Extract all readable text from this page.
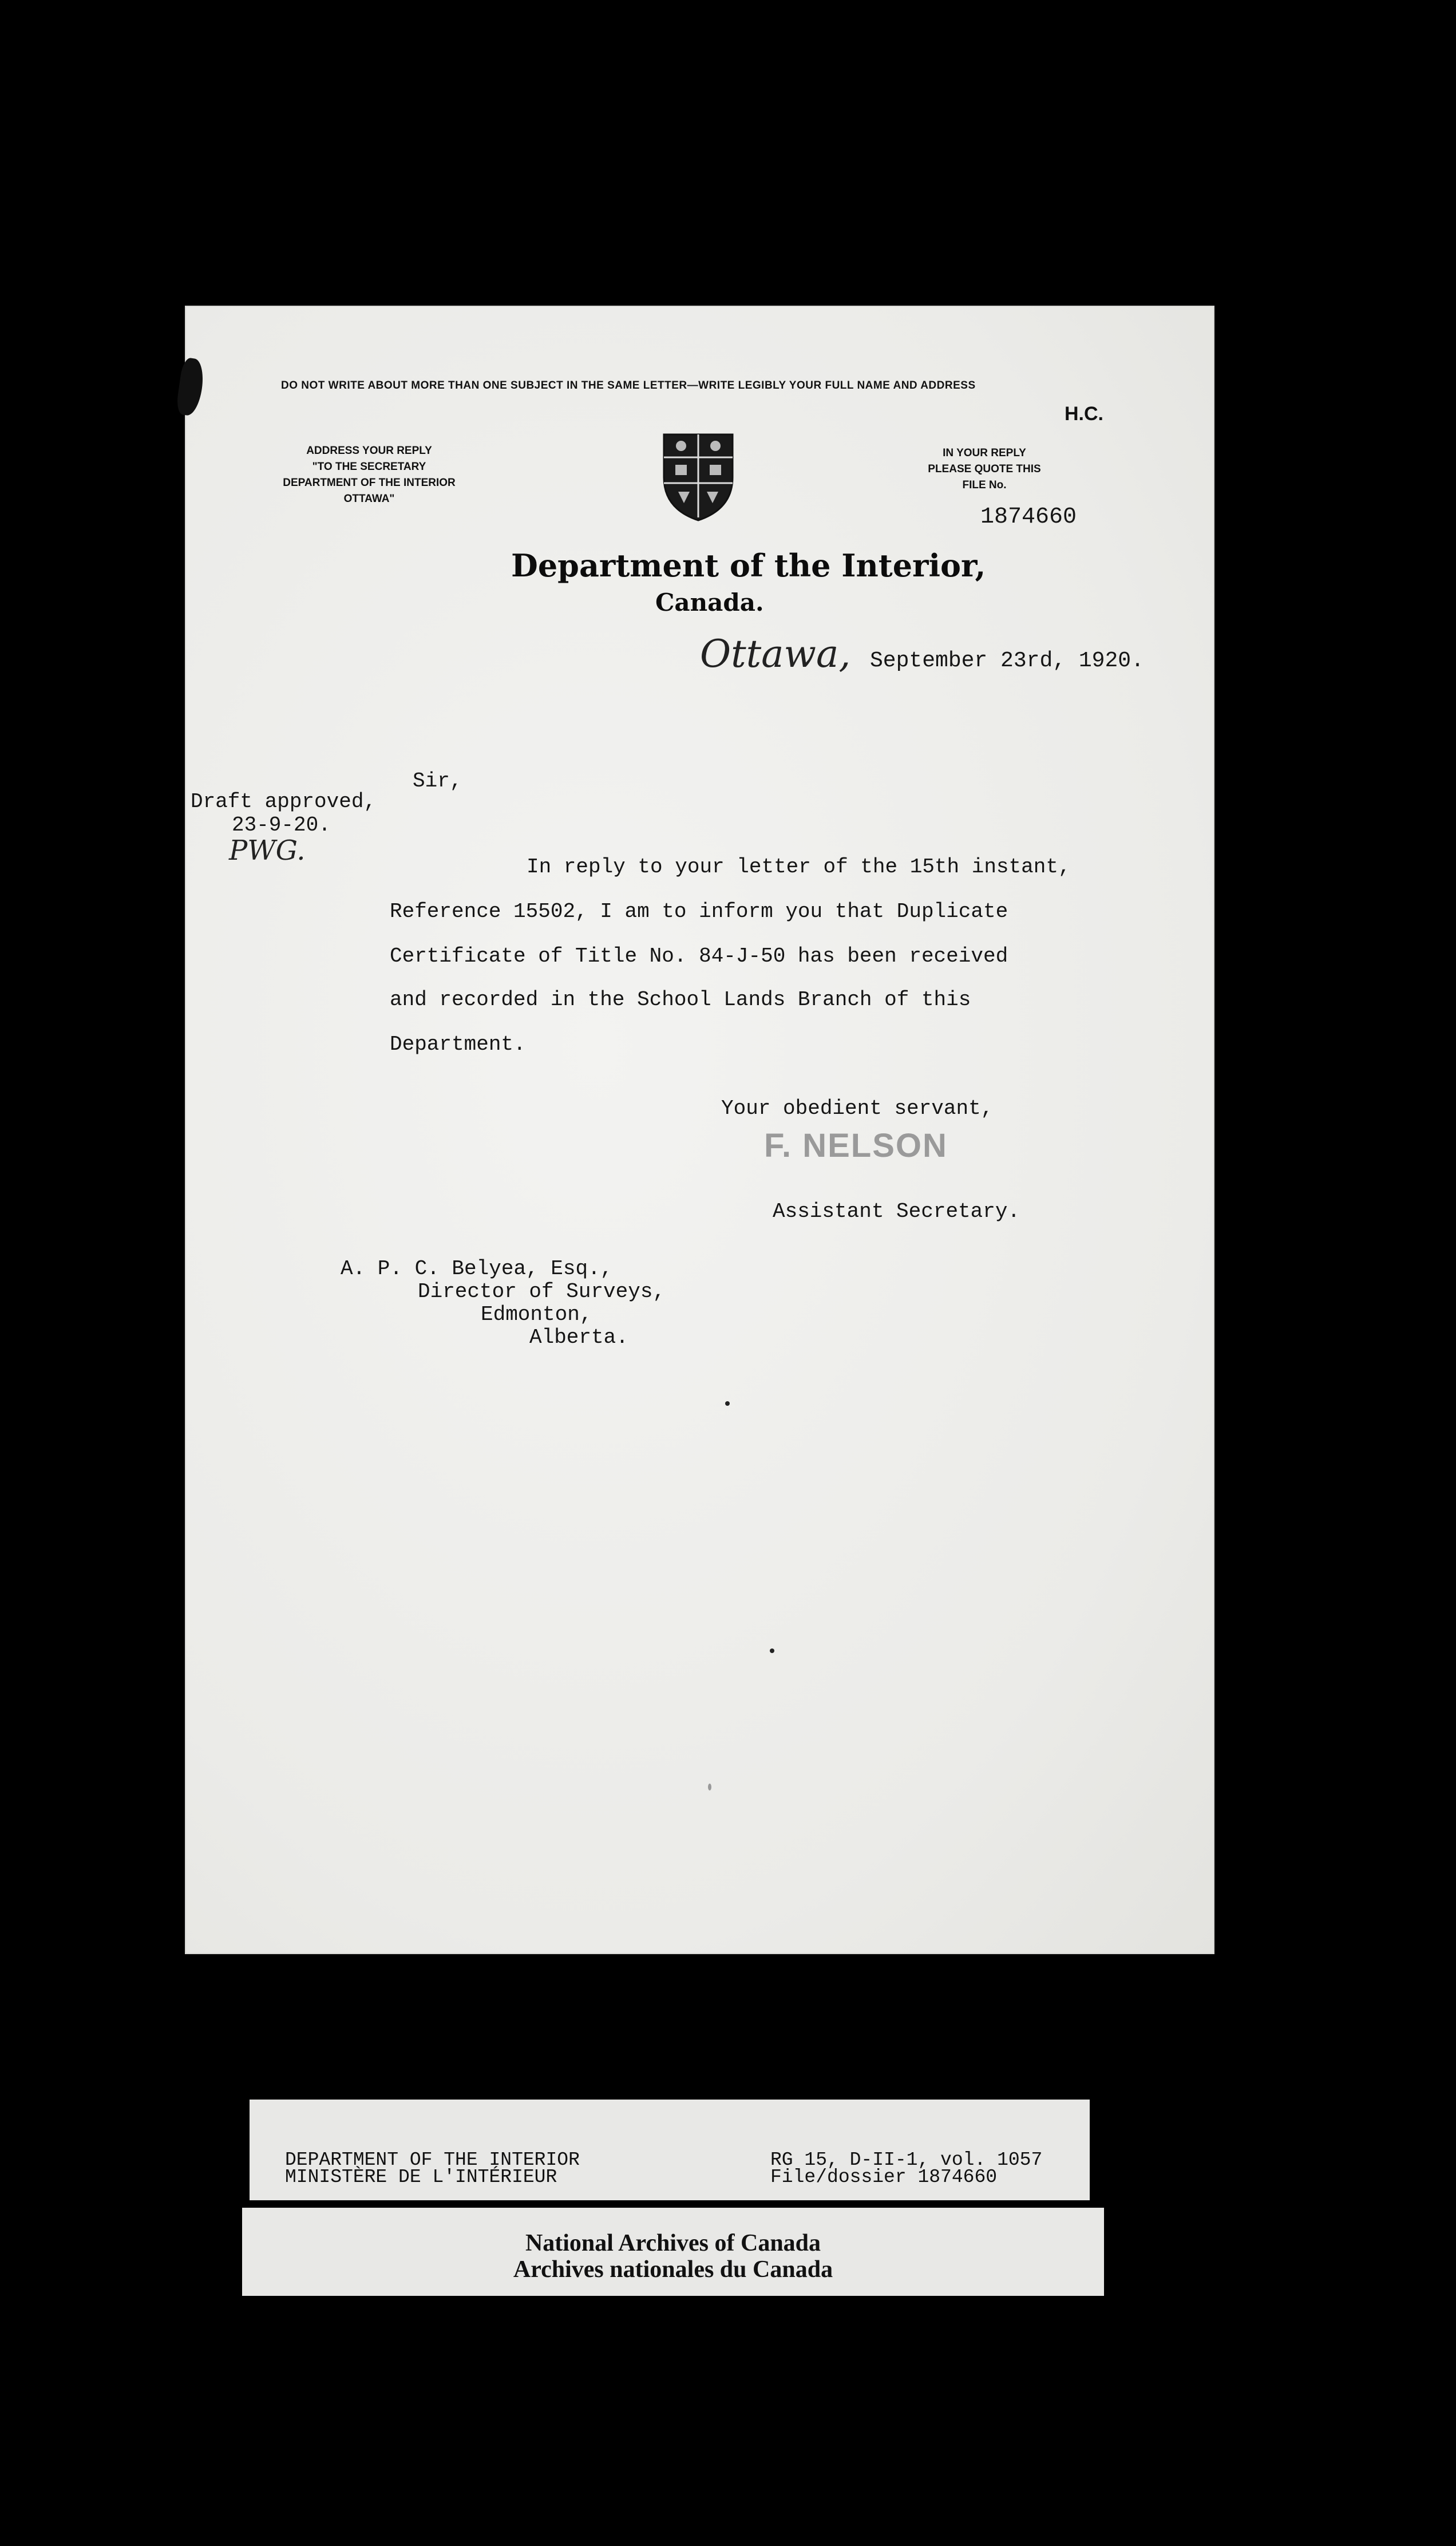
DO NOT WRITE ABOUT MORE THAN ONE SUBJECT IN THE SAME LETTER—WRITE LEGIBLY YOUR FULL NAME AND ADDRESS
ADDRESS YOUR REPLY
"TO THE SECRETARY
DEPARTMENT OF THE INTERIOR
OTTAWA"
H.C.
IN YOUR REPLY
PLEASE QUOTE THIS
FILE No.
1874660
Department of the Interior,
Canada.
Ottawa, September 23rd, 1920.
Sir,
Draft approved,
23-9-20.
PWG.
In reply to your letter of the 15th instant,
Reference 15502, I am to inform you that Duplicate
Certificate of Title No. 84-J-50 has been received
and recorded in the School Lands Branch of this
Department.
Your obedient servant,
F. NELSON
Assistant Secretary.
A. P. C. Belyea, Esq.,
Director of Surveys,
Edmonton,
Alberta.
DEPARTMENT OF THE INTERIOR
MINISTÈRE DE L'INTÉRIEUR
RG 15, D-II-1, vol. 1057
File/dossier 1874660
National Archives of Canada
Archives nationales du Canada
